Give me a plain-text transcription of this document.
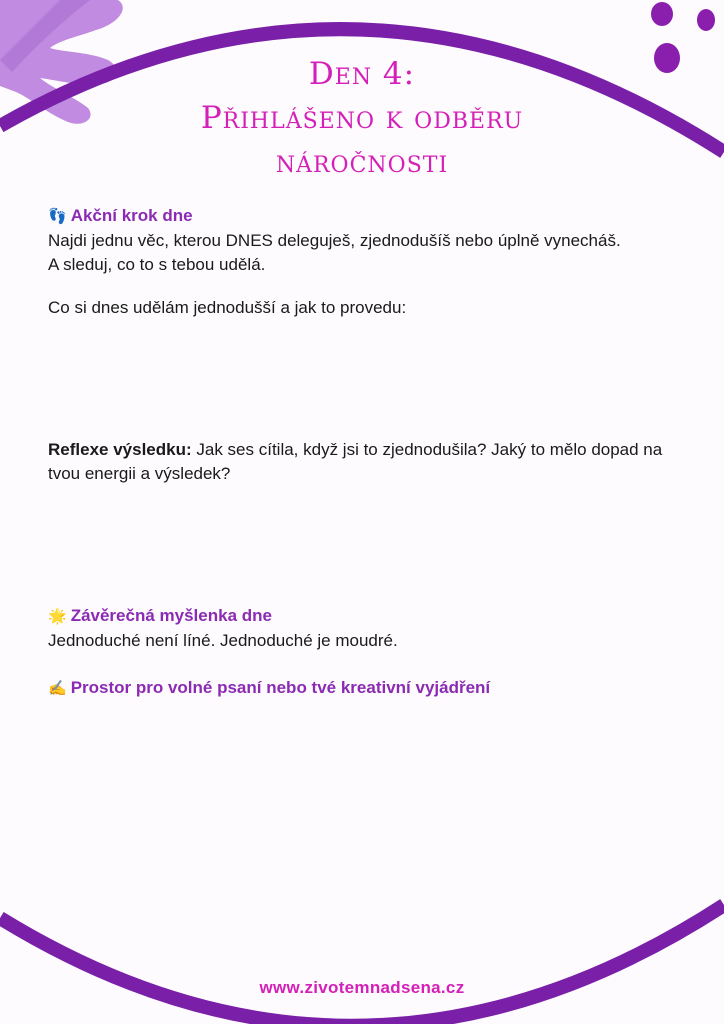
Den 4:
Přihlášeno k odběru
náročnosti

👣 Akční krok dne

Najdi jednu věc, kterou DNES deleguješ, zjednodušíš nebo úplně vynecháš.

A sleduj, co to s tebou udělá.

Co si dnes udělám jednodušší a jak to provedu:

Reflexe výsledku: Jak ses cítila, když jsi to zjednodušila? Jaký to mělo dopad na tvou energii a výsledek?

🌟 Závěrečná myšlenka dne

Jednoduché není líné. Jednoduché je moudré.

✍️ Prostor pro volné psaní nebo tvé kreativní vyjádření

www.zivotemnadsena.cz
